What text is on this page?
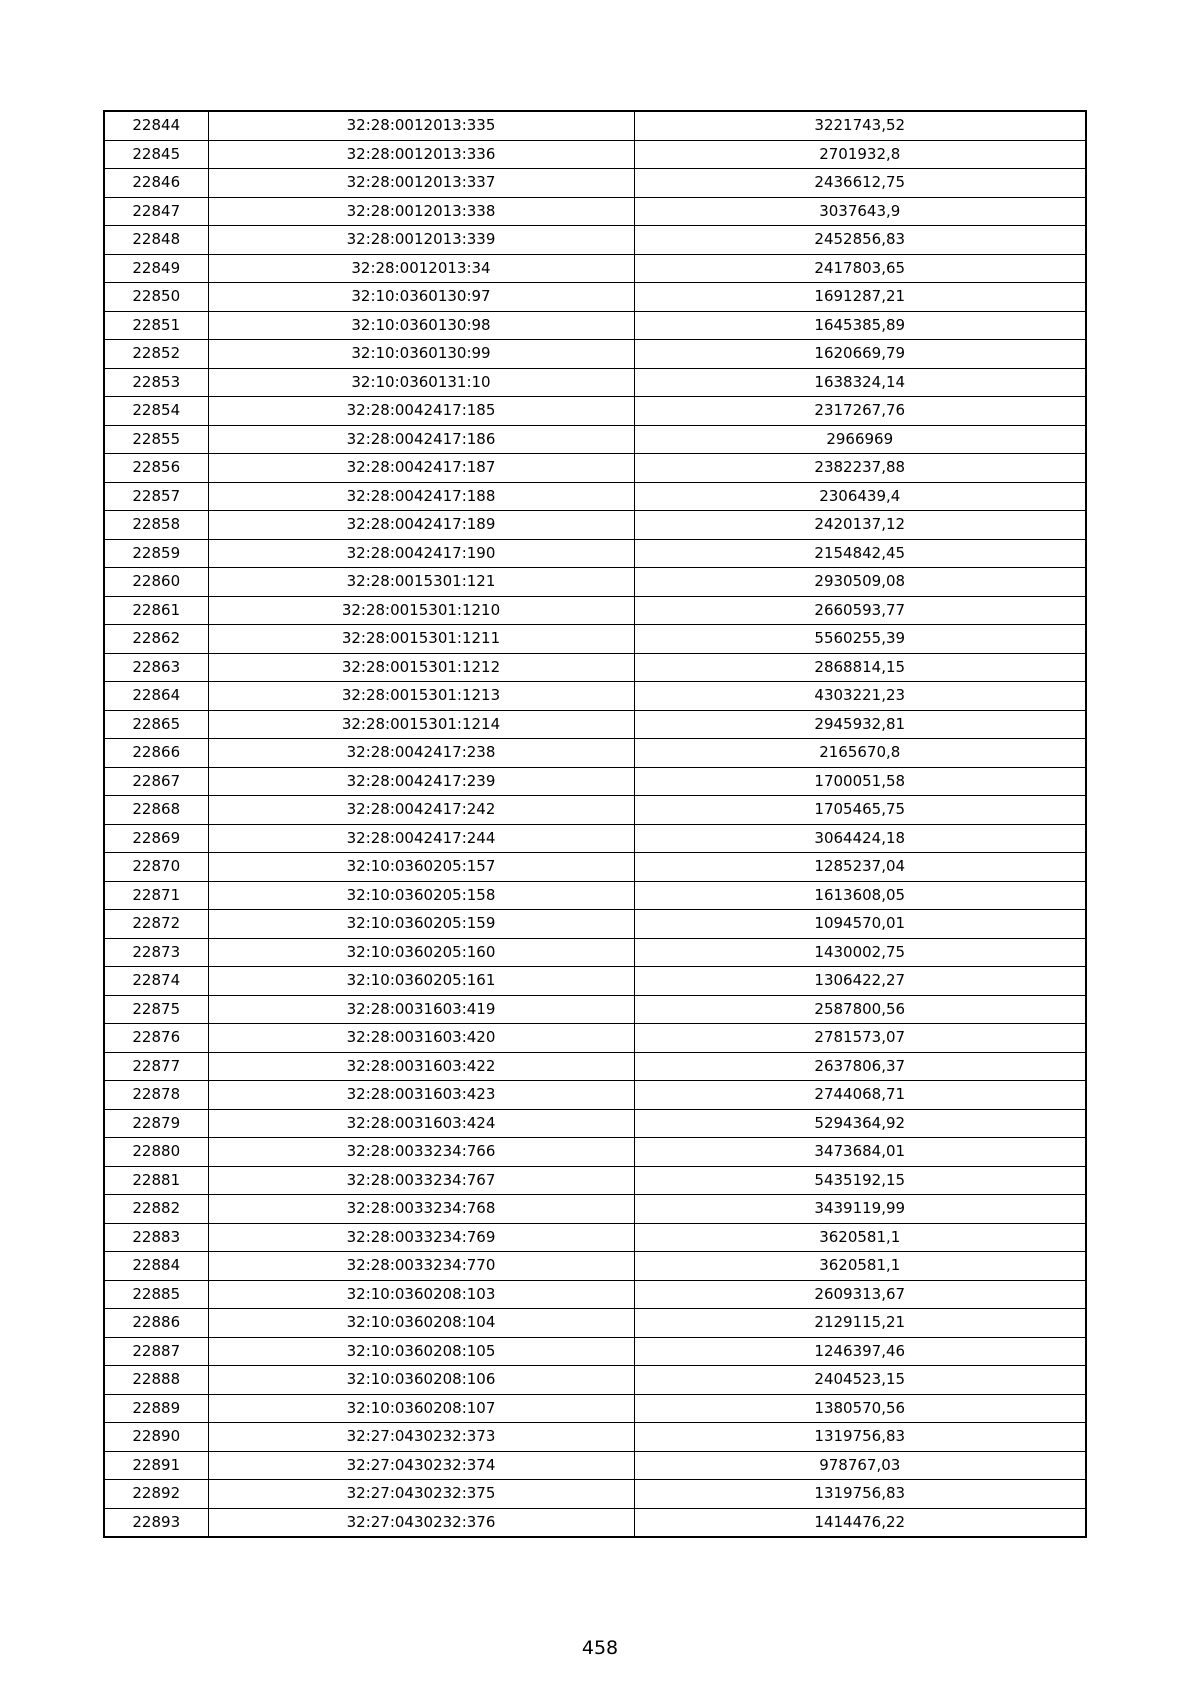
22844	32:28:0012013:335	3221743,52
22845	32:28:0012013:336	2701932,8
22846	32:28:0012013:337	2436612,75
22847	32:28:0012013:338	3037643,9
22848	32:28:0012013:339	2452856,83
22849	32:28:0012013:34	2417803,65
22850	32:10:0360130:97	1691287,21
22851	32:10:0360130:98	1645385,89
22852	32:10:0360130:99	1620669,79
22853	32:10:0360131:10	1638324,14
22854	32:28:0042417:185	2317267,76
22855	32:28:0042417:186	2966969
22856	32:28:0042417:187	2382237,88
22857	32:28:0042417:188	2306439,4
22858	32:28:0042417:189	2420137,12
22859	32:28:0042417:190	2154842,45
22860	32:28:0015301:121	2930509,08
22861	32:28:0015301:1210	2660593,77
22862	32:28:0015301:1211	5560255,39
22863	32:28:0015301:1212	2868814,15
22864	32:28:0015301:1213	4303221,23
22865	32:28:0015301:1214	2945932,81
22866	32:28:0042417:238	2165670,8
22867	32:28:0042417:239	1700051,58
22868	32:28:0042417:242	1705465,75
22869	32:28:0042417:244	3064424,18
22870	32:10:0360205:157	1285237,04
22871	32:10:0360205:158	1613608,05
22872	32:10:0360205:159	1094570,01
22873	32:10:0360205:160	1430002,75
22874	32:10:0360205:161	1306422,27
22875	32:28:0031603:419	2587800,56
22876	32:28:0031603:420	2781573,07
22877	32:28:0031603:422	2637806,37
22878	32:28:0031603:423	2744068,71
22879	32:28:0031603:424	5294364,92
22880	32:28:0033234:766	3473684,01
22881	32:28:0033234:767	5435192,15
22882	32:28:0033234:768	3439119,99
22883	32:28:0033234:769	3620581,1
22884	32:28:0033234:770	3620581,1
22885	32:10:0360208:103	2609313,67
22886	32:10:0360208:104	2129115,21
22887	32:10:0360208:105	1246397,46
22888	32:10:0360208:106	2404523,15
22889	32:10:0360208:107	1380570,56
22890	32:27:0430232:373	1319756,83
22891	32:27:0430232:374	978767,03
22892	32:27:0430232:375	1319756,83
22893	32:27:0430232:376	1414476,22
458
